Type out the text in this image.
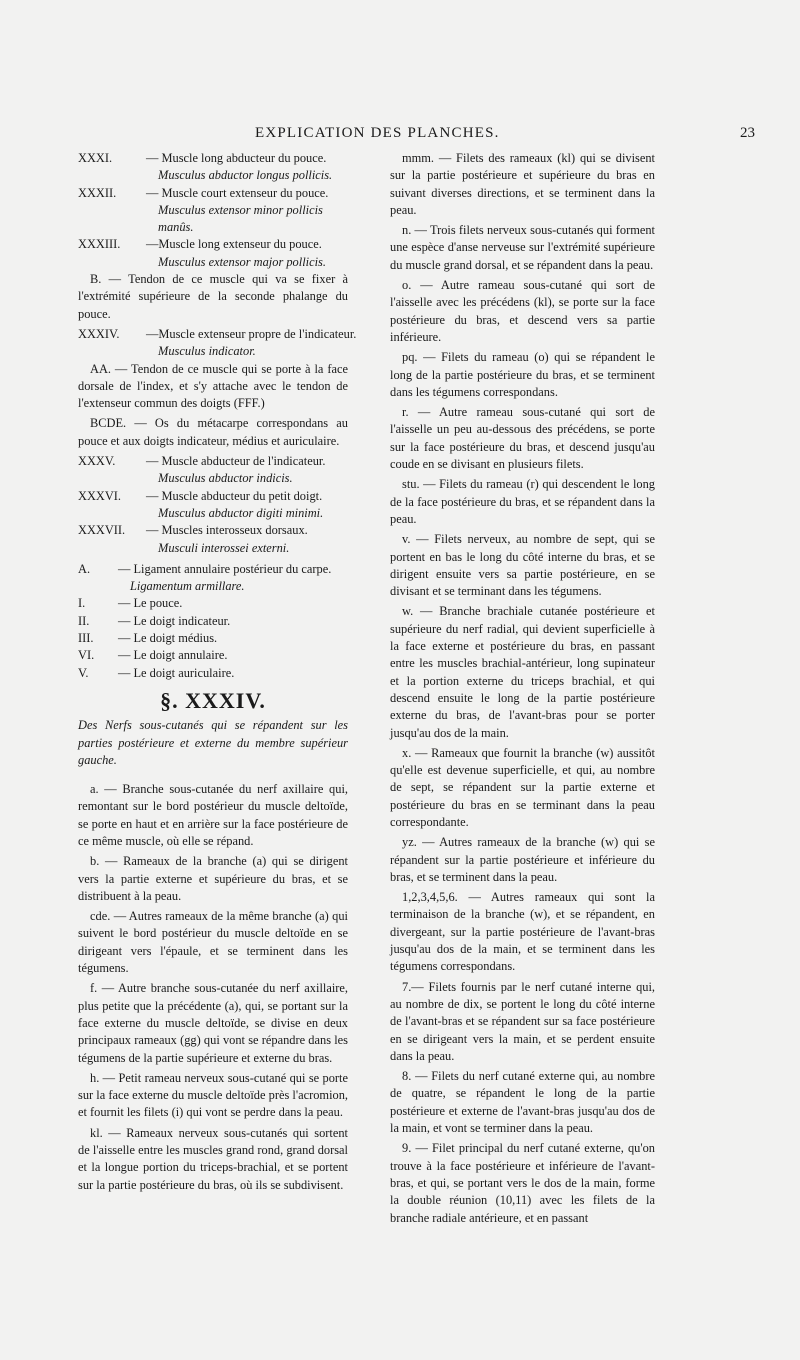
EXPLICATION DES PLANCHES.	23
XXXI.	— Muscle long abducteur du pouce.
Musculus abductor longus pollicis.
XXXII.	— Muscle court extenseur du pouce.
Musculus extensor minor pollicis
manûs.
XXXIII.	—Muscle long extenseur du pouce.
Musculus extensor major pollicis.

B. — Tendon de ce muscle qui va se fixer à l'extrémité supérieure de la seconde phalange du pouce.

XXXIV.	—Muscle extenseur propre de l'indicateur.
Musculus indicator.

AA. — Tendon de ce muscle qui se porte à la face dorsale de l'index, et s'y attache avec le tendon de l'extenseur commun des doigts (FFF.)

BCDE. — Os du métacarpe correspondans au pouce et aux doigts indicateur, médius et auriculaire.

XXXV.	— Muscle abducteur de l'indicateur.
Musculus abductor indicis.
XXXVI.	— Muscle abducteur du petit doigt.
Musculus abductor digiti minimi.
XXXVII.	— Muscles interosseux dorsaux.
Musculi interossei externi.
A.	— Ligament annulaire postérieur du carpe.
Ligamentum armillare.
I.	— Le pouce.
II.	— Le doigt indicateur.
III.	— Le doigt médius.
VI.	— Le doigt annulaire.
V.	— Le doigt auriculaire.
§. XXXIV.

Des Nerfs sous-cutanés qui se répandent sur les parties postérieure et externe du membre supérieur gauche.

a. — Branche sous-cutanée du nerf axillaire qui, remontant sur le bord postérieur du muscle deltoïde, se porte en haut et en arrière sur la face postérieure de ce même muscle, où elle se répand.

b. — Rameaux de la branche (a) qui se dirigent vers la partie externe et supérieure du bras, et se distribuent à la peau.

cde. — Autres rameaux de la même branche (a) qui suivent le bord postérieur du muscle deltoïde en se dirigeant vers l'épaule, et se terminent dans les tégumens.

f. — Autre branche sous-cutanée du nerf axillaire, plus petite que la précédente (a), qui, se portant sur la face externe du muscle deltoïde, se divise en deux principaux rameaux (gg) qui vont se répandre dans les tégumens de la partie supérieure et externe du bras.

h. — Petit rameau nerveux sous-cutané qui se porte sur la face externe du muscle deltoïde près l'acromion, et fournit les filets (i) qui vont se perdre dans la peau.

kl. — Rameaux nerveux sous-cutanés qui sortent de l'aisselle entre les muscles grand rond, grand dorsal et la longue portion du triceps-brachial, et se portent sur la partie postérieure du bras, où ils se subdivisent.

mmm. — Filets des rameaux (kl) qui se divisent sur la partie postérieure et supérieure du bras en suivant diverses directions, et se terminent dans la peau.

n. — Trois filets nerveux sous-cutanés qui forment une espèce d'anse nerveuse sur l'extrémité supérieure du muscle grand dorsal, et se répandent dans la peau.

o. — Autre rameau sous-cutané qui sort de l'aisselle avec les précédens (kl), se porte sur la face postérieure du bras, et descend vers sa partie inférieure.

pq. — Filets du rameau (o) qui se répandent le long de la partie postérieure du bras, et se terminent dans les tégumens correspondans.

r. — Autre rameau sous-cutané qui sort de l'aisselle un peu au-dessous des précédens, se porte sur la face postérieure du bras, et descend jusqu'au coude en se divisant en plusieurs filets.

stu. — Filets du rameau (r) qui descendent le long de la face postérieure du bras, et se répandent dans la peau.

v. — Filets nerveux, au nombre de sept, qui se portent en bas le long du côté interne du bras, et se dirigent ensuite vers sa partie postérieure, en se divisant et se terminant dans les tégumens.

w. — Branche brachiale cutanée postérieure et supérieure du nerf radial, qui devient superficielle à la face externe et postérieure du bras, en passant entre les muscles brachial-antérieur, long supinateur et la portion externe du triceps brachial, et qui descend ensuite le long de la partie postérieure externe du bras, de l'avant-bras pour se porter jusqu'au dos de la main.

x. — Rameaux que fournit la branche (w) aussitôt qu'elle est devenue superficielle, et qui, au nombre de sept, se répandent sur la partie externe et postérieure du bras en se terminant dans la peau correspondante.

yz. — Autres rameaux de la branche (w) qui se répandent sur la partie postérieure et inférieure du bras, et se terminent dans la peau.

1,2,3,4,5,6. — Autres rameaux qui sont la terminaison de la branche (w), et se répandent, en divergeant, sur la partie postérieure de l'avant-bras jusqu'au dos de la main, et se terminent dans les tégumens correspondans.

7.— Filets fournis par le nerf cutané interne qui, au nombre de dix, se portent le long du côté interne de l'avant-bras et se répandent sur sa face postérieure en se dirigeant vers la main, et se perdent ensuite dans la peau.

8. — Filets du nerf cutané externe qui, au nombre de quatre, se répandent le long de la partie postérieure et externe de l'avant-bras jusqu'au dos de la main, et vont se terminer dans la peau.

9. — Filet principal du nerf cutané externe, qu'on trouve à la face postérieure et inférieure de l'avant-bras, et qui, se portant vers le dos de la main, forme la double réunion (10,11) avec les filets de la branche radiale antérieure, et en passant
